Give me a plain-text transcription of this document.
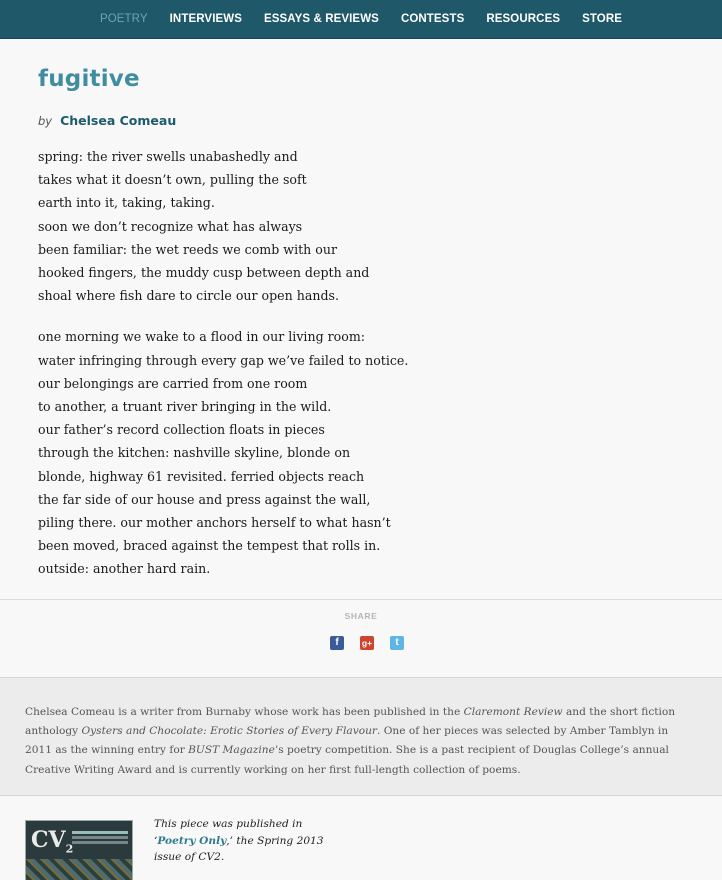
POETRY INTERVIEWS ESSAYS & REVIEWS CONTESTS RESOURCES STORE
fugitive
by Chelsea Comeau
spring: the river swells unabashedly and
takes what it doesn’t own, pulling the soft
earth into it, taking, taking.
soon we don’t recognize what has always
been familiar: the wet reeds we comb with our
hooked fingers, the muddy cusp between depth and
shoal where fish dare to circle our open hands.
one morning we wake to a flood in our living room:
water infringing through every gap we’ve failed to notice.
our belongings are carried from one room
to another, a truant river bringing in the wild.
our father’s record collection floats in pieces
through the kitchen: nashville skyline, blonde on
blonde, highway 61 revisited. ferried objects reach
the far side of our house and press against the wall,
piling there. our mother anchors herself to what hasn’t
been moved, braced against the tempest that rolls in.
outside: another hard rain.
SHARE
f	g+	t

Chelsea Comeau is a writer from Burnaby whose work has been published in the Claremont Review and the short fiction anthology Oysters and Chocolate: Erotic Stories of Every Flavour. One of her pieces was selected by Amber Tamblyn in 2011 as the winning entry for BUST Magazine’s poetry competition. She is a past recipient of Douglas College’s annual Creative Writing Award and is currently working on her first full-length collection of poems.

$CV_2$
This piece was published in
‘Poetry Only,’ the Spring 2013 issue of CV2.
